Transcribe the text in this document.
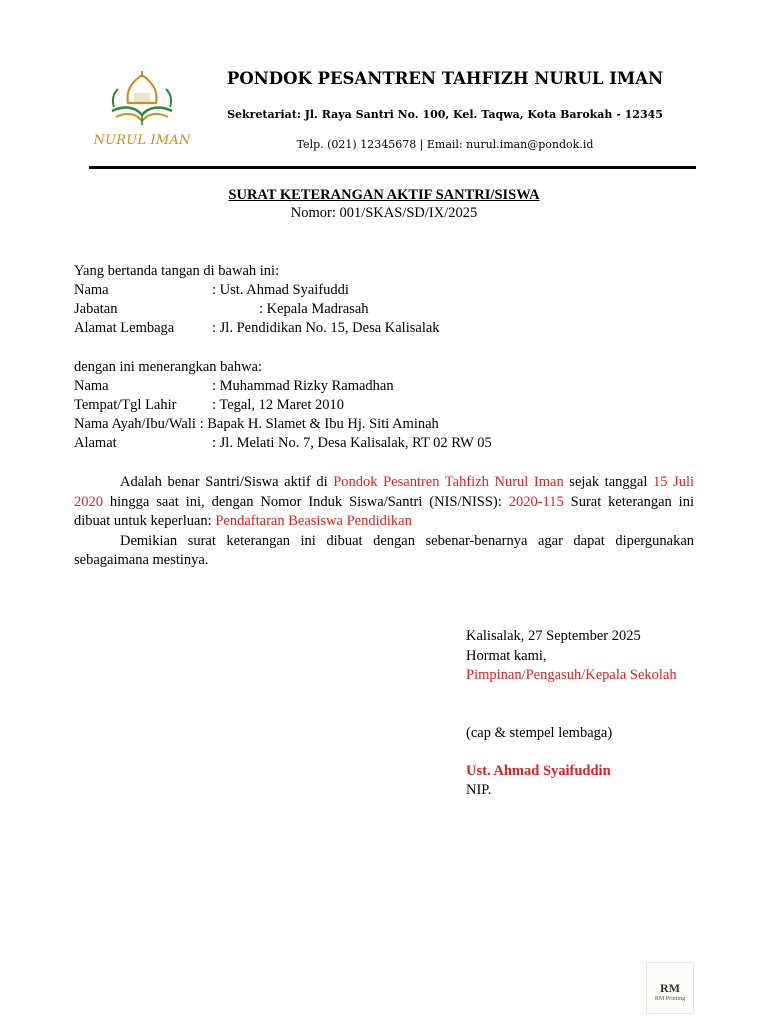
NURUL IMAN
PONDOK PESANTREN TAHFIZH NURUL IMAN
Sekretariat: Jl. Raya Santri No. 100, Kel. Taqwa, Kota Barokah - 12345
Telp. (021) 12345678 | Email: nurul.iman@pondok.id
SURAT KETERANGAN AKTIF SANTRI/SISWA
Nomor: 001/SKAS/SD/IX/2025
Yang bertanda tangan di bawah ini:
Nama	: Ust. Ahmad Syaifuddi
Jabatan	: Kepala Madrasah
Alamat Lembaga	: Jl. Pendidikan No. 15, Desa Kalisalak
dengan ini menerangkan bahwa:
Nama	: Muhammad Rizky Ramadhan
Tempat/Tgl Lahir : Tegal, 12 Maret 2010
Nama Ayah/Ibu/Wali : Bapak H. Slamet & Ibu Hj. Siti Aminah
Alamat	: Jl. Melati No. 7, Desa Kalisalak, RT 02 RW 05

Adalah benar Santri/Siswa aktif di Pondok Pesantren Tahfizh Nurul Iman sejak tanggal 15 Juli 2020 hingga saat ini, dengan Nomor Induk Siswa/Santri (NIS/NISS): 2020-115 Surat keterangan ini dibuat untuk keperluan: Pendaftaran Beasiswa Pendidikan

Demikian surat keterangan ini dibuat dengan sebenar-benarnya agar dapat dipergunakan sebagaimana mestinya.

Kalisalak, 27 September 2025
Hormat kami,
Pimpinan/Pengasuh/Kepala Sekolah
(cap & stempel lembaga)
Ust. Ahmad Syaifuddin
NIP.
RM
RM Printing
